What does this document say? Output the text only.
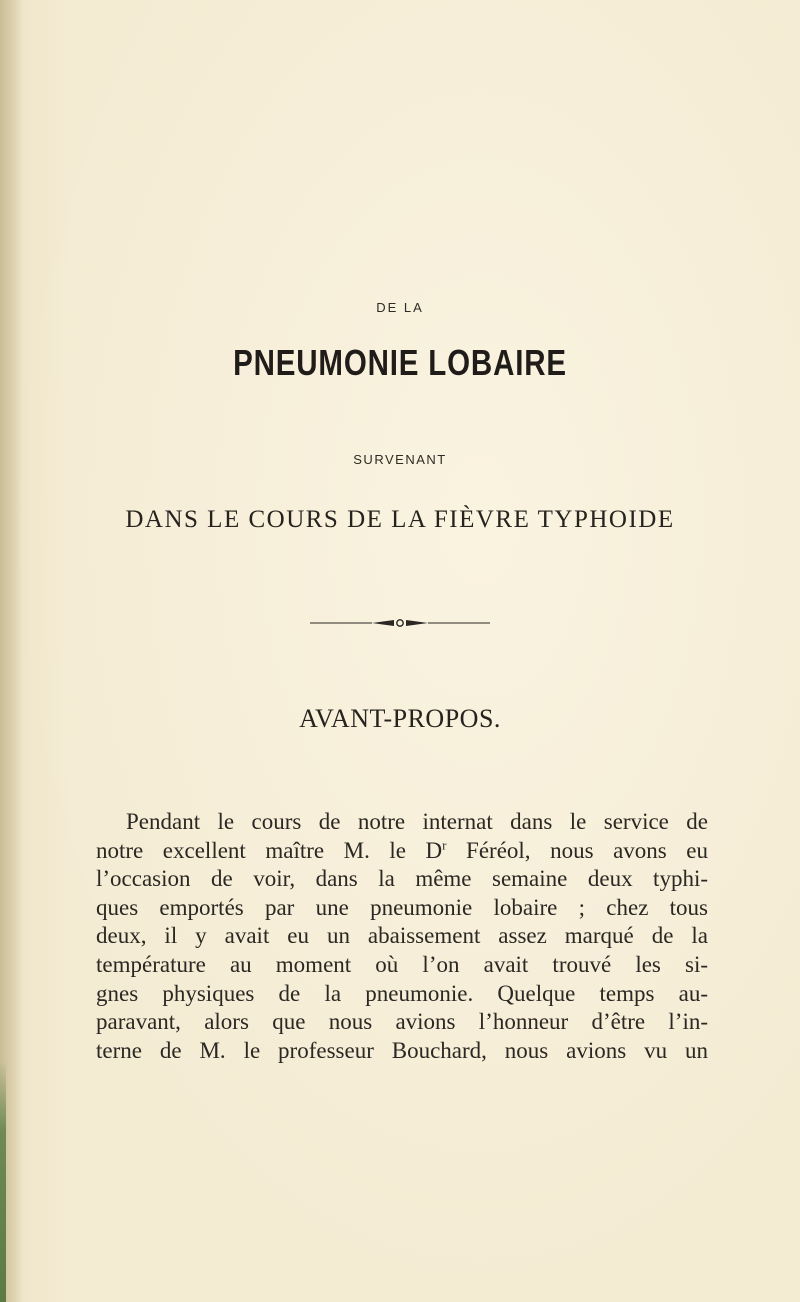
DE LA
PNEUMONIE LOBAIRE
SURVENANT
DANS LE COURS DE LA FIÈVRE TYPHOIDE
AVANT-PROPOS.
Pendant le cours de notre internat dans le service de
notre excellent maître M. le $D^r$ Féréol, nous avons eu
l’occasion de voir, dans la même semaine deux typhi-
ques emportés par une pneumonie lobaire ; chez tous
deux, il y avait eu un abaissement assez marqué de la
température au moment où l’on avait trouvé les si-
gnes physiques de la pneumonie. Quelque temps au-
paravant, alors que nous avions l’honneur d’être l’in-
terne de M. le professeur Bouchard, nous avions vu un
